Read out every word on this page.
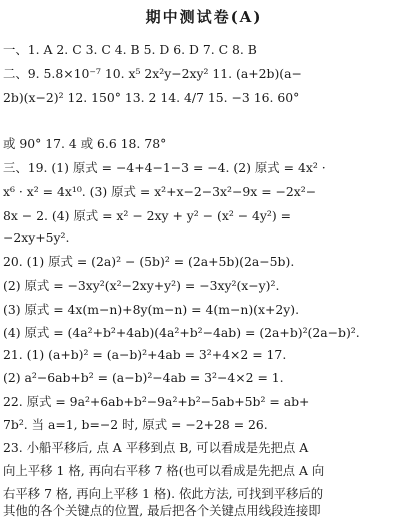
期中测试卷(A)
一、1. A 2. C 3. C 4. B 5. D 6. D 7. C 8. B
二、9. 5.8×10⁻⁷ 10. x⁵ 2x²y−2xy² 11. (a+2b)(a−
2b)(x−2)² 12. 150° 13. 2 14. 4/7 15. −3 16. 60°
或 90° 17. 4 或 6.6 18. 78°
三、19. (1) 原式 = −4+4−1−3 = −4. (2) 原式 = 4x² ·
x⁶ · x² = 4x¹⁰. (3) 原式 = x²+x−2−3x²−9x = −2x²−
8x − 2. (4) 原式 = x² − 2xy + y² − (x² − 4y²) =
−2xy+5y².
20. (1) 原式 = (2a)² − (5b)² = (2a+5b)(2a−5b).
(2) 原式 = −3xy²(x²−2xy+y²) = −3xy²(x−y)².
(3) 原式 = 4x(m−n)+8y(m−n) = 4(m−n)(x+2y).
(4) 原式 = (4a²+b²+4ab)(4a²+b²−4ab) = (2a+b)²(2a−b)².
21. (1) (a+b)² = (a−b)²+4ab = 3²+4×2 = 17.
(2) a²−6ab+b² = (a−b)²−4ab = 3²−4×2 = 1.
22. 原式 = 9a²+6ab+b²−9a²+b²−5ab+5b² = ab+
7b². 当 a=1, b=−2 时, 原式 = −2+28 = 26.
23. 小船平移后, 点 A 平移到点 B, 可以看成是先把点 A
向上平移 1 格, 再向右平移 7 格(也可以看成是先把点 A 向
右平移 7 格, 再向上平移 1 格). 依此方法, 可找到平移后的
其他的各个关键点的位置, 最后把各个关键点用线段连接即
